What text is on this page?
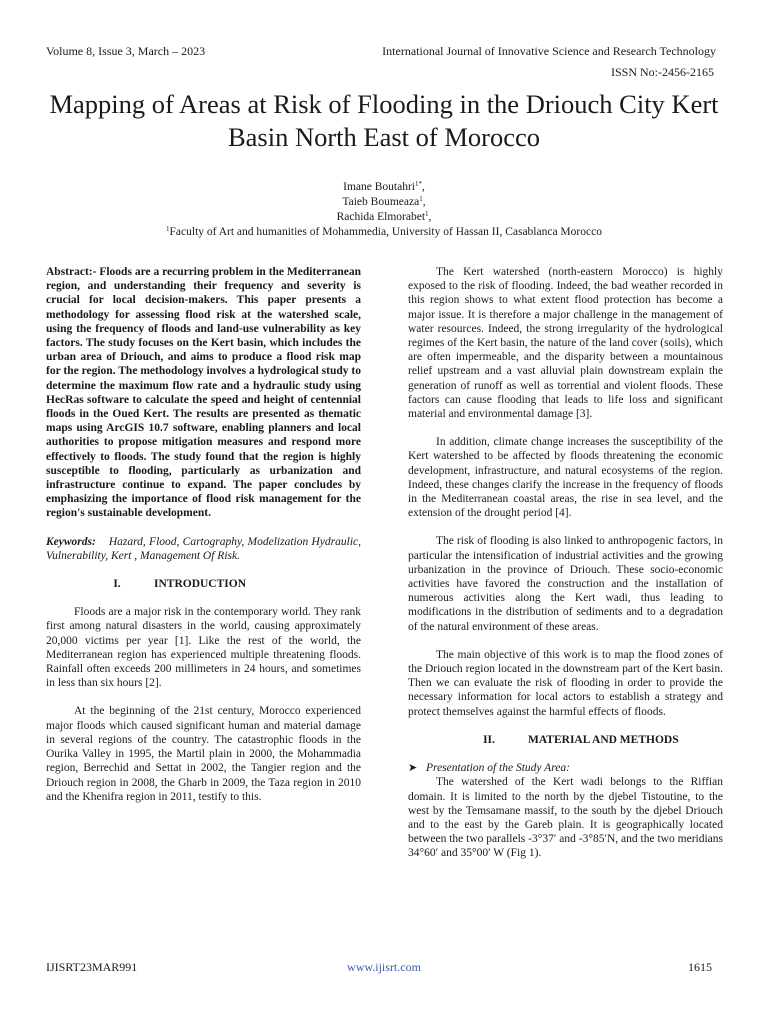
Volume 8, Issue 3, March – 2023	International Journal of Innovative Science and Research Technology
ISSN No:-2456-2165
Mapping of Areas at Risk of Flooding in the Driouch City Kert Basin North East of Morocco
Imane Boutahri$^{1*}$,
Taieb Boumeaza$^1$,
Rachida Elmorabet$^1$,
$^1$Faculty of Art and humanities of Mohammedia, University of Hassan II, Casablanca Morocco

Abstract:- Floods are a recurring problem in the Mediterranean region, and understanding their frequency and severity is crucial for local decision-makers. This paper presents a methodology for assessing flood risk at the watershed scale, using the frequency of floods and land-use vulnerability as key factors. The study focuses on the Kert basin, which includes the urban area of Driouch, and aims to produce a flood risk map for the region. The methodology involves a hydrological study to determine the maximum flow rate and a hydraulic study using HecRas software to calculate the speed and height of centennial floods in the Oued Kert. The results are presented as thematic maps using ArcGIS 10.7 software, enabling planners and local authorities to propose mitigation measures and respond more effectively to floods. The study found that the region is highly susceptible to flooding, particularly as urbanization and infrastructure continue to expand. The paper concludes by emphasizing the importance of flood risk management for the region's sustainable development.

Keywords: Hazard, Flood, Cartography, Modelization Hydraulic, Vulnerability, Kert , Management Of Risk.

I.	INTRODUCTION

Floods are a major risk in the contemporary world. They rank first among natural disasters in the world, causing approximately 20,000 victims per year [1]. Like the rest of the world, the Mediterranean region has experienced multiple threatening floods. Rainfall often exceeds 200 millimeters in 24 hours, and sometimes in less than six hours [2].

At the beginning of the 21st century, Morocco experienced major floods which caused significant human and material damage in several regions of the country. The catastrophic floods in the Ourika Valley in 1995, the Martil plain in 2000, the Mohammadia region, Berrechid and Settat in 2002, the Tangier region and the Driouch region in 2008, the Gharb in 2009, the Taza region in 2010 and the Khenifra region in 2011, testify to this.

The Kert watershed (north-eastern Morocco) is highly exposed to the risk of flooding. Indeed, the bad weather recorded in this region shows to what extent flood protection has become a major issue. It is therefore a major challenge in the management of water resources. Indeed, the strong irregularity of the hydrological regimes of the Kert basin, the nature of the land cover (soils), which are often impermeable, and the disparity between a mountainous relief upstream and a vast alluvial plain downstream explain the generation of runoff as well as torrential and violent floods. These factors can cause flooding that leads to life loss and significant material and environmental damage [3].

In addition, climate change increases the susceptibility of the Kert watershed to be affected by floods threatening the economic development, infrastructure, and natural ecosystems of the region. Indeed, these changes clarify the increase in the frequency of floods in the Mediterranean coastal areas, the rise in sea level, and the extension of the drought period [4].

The risk of flooding is also linked to anthropogenic factors, in particular the intensification of industrial activities and the growing urbanization in the province of Driouch. These socio-economic activities have favored the construction and the installation of numerous activities along the Kert wadi, thus leading to modifications in the distribution of sediments and to a degradation of the natural environment of these areas.

The main objective of this work is to map the flood zones of the Driouch region located in the downstream part of the Kert basin. Then we can evaluate the risk of flooding in order to provide the necessary information for local actors to establish a strategy and protect themselves against the harmful effects of floods.

II.	MATERIAL AND METHODS
➤ Presentation of the Study Area:

The watershed of the Kert wadi belongs to the Riffian domain. It is limited to the north by the djebel Tistoutine, to the west by the Temsamane massif, to the south by the djebel Driouch and to the east by the Gareb plain. It is geographically located between the two parallels -3°37′ and -3°85′N, and the two meridians 34°60′ and 35°00′ W (Fig 1).

IJISRT23MAR991	www.ijisrt.com	1615
